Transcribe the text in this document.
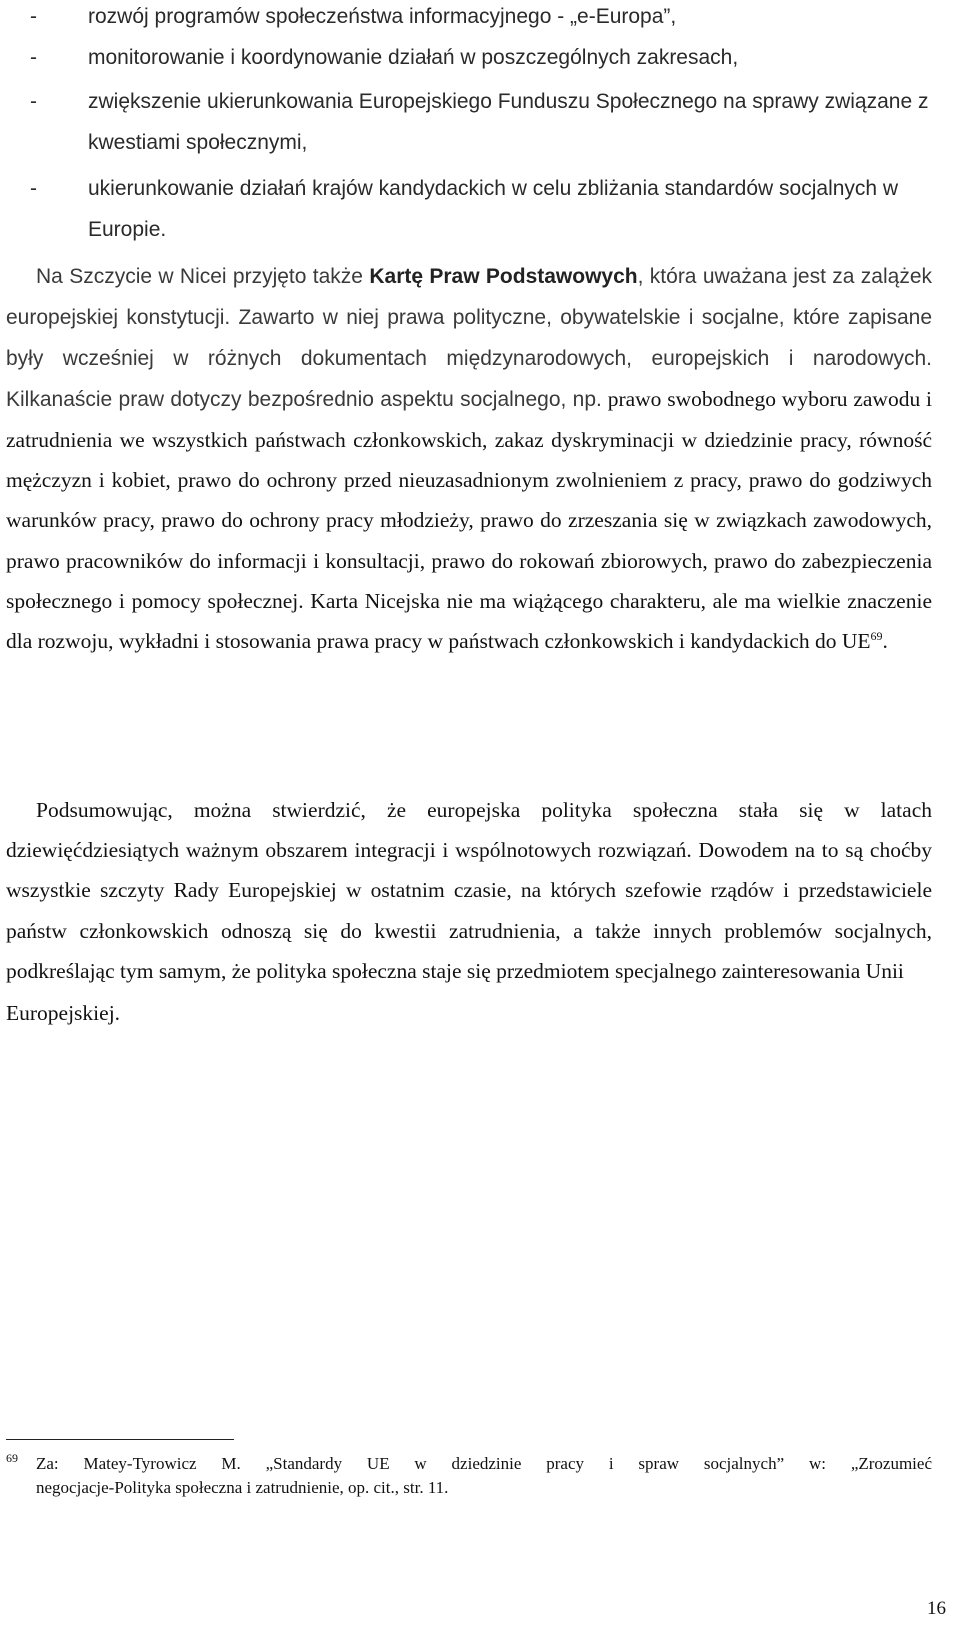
-	rozwój programów społeczeństwa informacyjnego - „e-Europa”,
-	monitorowanie i koordynowanie działań w poszczególnych zakresach,
-	zwiększenie ukierunkowania Europejskiego Funduszu Społecznego na sprawy związane z kwestiami społecznymi,
-	ukierunkowanie działań krajów kandydackich w celu zbliżania standardów socjalnych w Europie.
Na Szczycie w Nicei przyjęto także Kartę Praw Podstawowych, która uważana jest za zalążek europejskiej konstytucji. Zawarto w niej prawa polityczne, obywatelskie i socjalne, które zapisane były wcześniej w różnych dokumentach międzynarodowych, europejskich i narodowych. Kilkanaście praw dotyczy bezpośrednio aspektu socjalnego, np. prawo swobodnego wyboru zawodu i zatrudnienia we wszystkich państwach członkowskich, zakaz dyskryminacji w dziedzinie pracy, równość mężczyzn i kobiet, prawo do ochrony przed nieuzasadnionym zwolnieniem z pracy, prawo do godziwych warunków pracy, prawo do ochrony pracy młodzieży, prawo do zrzeszania się w związkach zawodowych, prawo pracowników do informacji i konsultacji, prawo do rokowań zbiorowych, prawo do zabezpieczenia społecznego i pomocy społecznej. Karta Nicejska nie ma wiążącego charakteru, ale ma wielkie znaczenie dla rozwoju, wykładni i stosowania prawa pracy w państwach członkowskich i kandydackich do UE$^{69}$.
Podsumowując, można stwierdzić, że europejska polityka społeczna stała się w latach dziewięćdziesiątych ważnym obszarem integracji i wspólnotowych rozwiązań. Dowodem na to są choćby wszystkie szczyty Rady Europejskiej w ostatnim czasie, na których szefowie rządów i przedstawiciele państw członkowskich odnoszą się do kwestii zatrudnienia, a także innych problemów socjalnych, podkreślając tym samym, że polityka społeczna staje się przedmiotem specjalnego zainteresowania Unii
Europejskiej.
69	Za: Matey-Tyrowicz M. „Standardy UE w dziedzinie pracy i spraw socjalnych” w: „Zrozumieć
negocjacje-Polityka społeczna i zatrudnienie, op. cit., str. 11.
16
